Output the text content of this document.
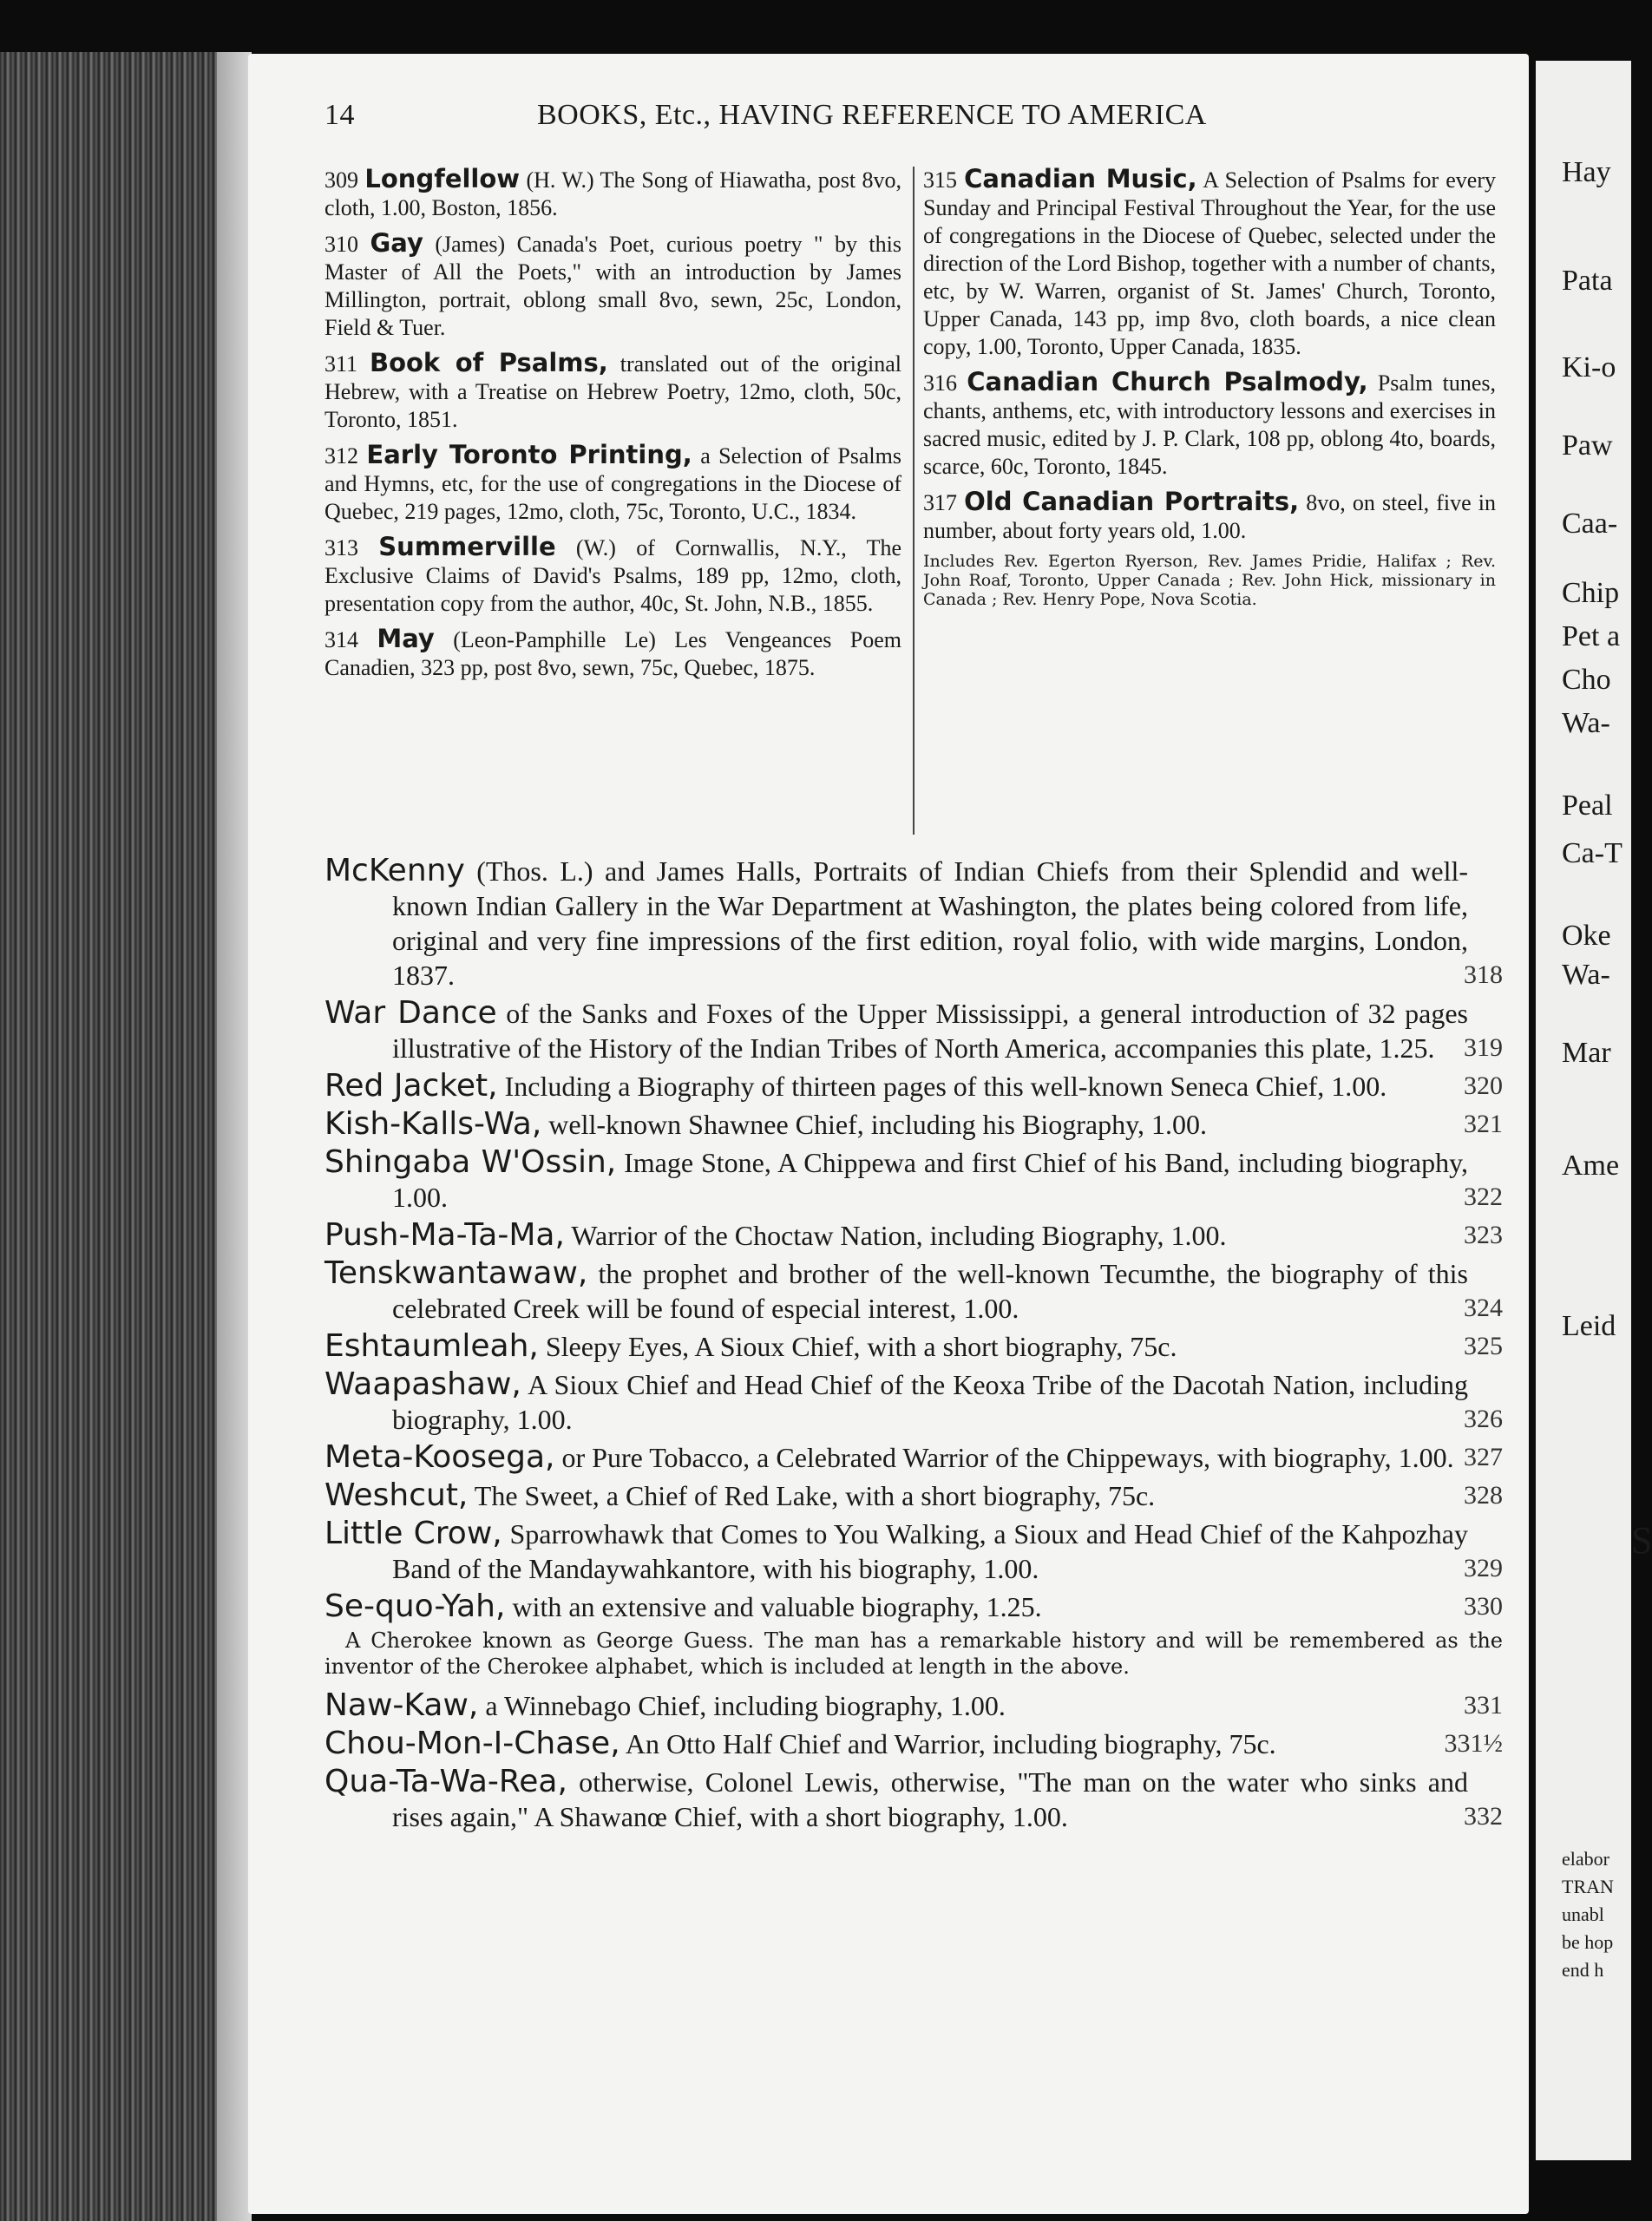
14	BOOKS, Etc., HAVING REFERENCE TO AMERICA
309 Longfellow (H. W.) The Song of Hiawatha, post 8vo, cloth, 1.00, Boston, 1856.
310 Gay (James) Canada's Poet, curious poetry " by this Master of All the Poets," with an introduction by James Millington, portrait, oblong small 8vo, sewn, 25c, London, Field & Tuer.
311 Book of Psalms, translated out of the original Hebrew, with a Treatise on Hebrew Poetry, 12mo, cloth, 50c, Toronto, 1851.
312 Early Toronto Printing, a Selection of Psalms and Hymns, etc, for the use of congregations in the Diocese of Quebec, 219 pages, 12mo, cloth, 75c, Toronto, U.C., 1834.
313 Summerville (W.) of Cornwallis, N.Y., The Exclusive Claims of David's Psalms, 189 pp, 12mo, cloth, presentation copy from the author, 40c, St. John, N.B., 1855.
314 May (Leon-Pamphille Le) Les Vengeances Poem Canadien, 323 pp, post 8vo, sewn, 75c, Quebec, 1875.
315 Canadian Music, A Selection of Psalms for every Sunday and Principal Festival Throughout the Year, for the use of congregations in the Diocese of Quebec, selected under the direction of the Lord Bishop, together with a number of chants, etc, by W. Warren, organist of St. James' Church, Toronto, Upper Canada, 143 pp, imp 8vo, cloth boards, a nice clean copy, 1.00, Toronto, Upper Canada, 1835.
316 Canadian Church Psalmody, Psalm tunes, chants, anthems, etc, with introductory lessons and exercises in sacred music, edited by J. P. Clark, 108 pp, oblong 4to, boards, scarce, 60c, Toronto, 1845.
317 Old Canadian Portraits, 8vo, on steel, five in number, about forty years old, 1.00.
Includes Rev. Egerton Ryerson, Rev. James Pridie, Halifax ; Rev. John Roaf, Toronto, Upper Canada ; Rev. John Hick, missionary in Canada ; Rev. Henry Pope, Nova Scotia.
McKenny (Thos. L.) and James Halls, Portraits of Indian Chiefs from their Splendid and well-known Indian Gallery in the War Department at Washington, the plates being colored from life, original and very fine impressions of the first edition, royal folio, with wide margins, London, 1837.	318
War Dance of the Sanks and Foxes of the Upper Mississippi, a general introduction of 32 pages illustrative of the History of the Indian Tribes of North America, accompanies this plate, 1.25. 319
Red Jacket, Including a Biography of thirteen pages of this well-known Seneca Chief, 1.00.	320
Kish-Kalls-Wa, well-known Shawnee Chief, including his Biography, 1.00.	321
Shingaba W'Ossin, Image Stone, A Chippewa and first Chief of his Band, including biography, 1.00.	322
Push-Ma-Ta-Ma, Warrior of the Choctaw Nation, including Biography, 1.00.	323
Tenskwantawaw, the prophet and brother of the well-known Tecumthe, the biography of this celebrated Creek will be found of especial interest, 1.00.	324
Eshtaumleah, Sleepy Eyes, A Sioux Chief, with a short biography, 75c.	325
Waapashaw, A Sioux Chief and Head Chief of the Keoxa Tribe of the Dacotah Nation, including biography, 1.00.	326
Meta-Koosega, or Pure Tobacco, a Celebrated Warrior of the Chippeways, with biography, 1.00. 327
Weshcut, The Sweet, a Chief of Red Lake, with a short biography, 75c.	328
Little Crow, Sparrowhawk that Comes to You Walking, a Sioux and Head Chief of the Kahpozhay Band of the Mandaywahkantore, with his biography, 1.00.	329
Se-quo-Yah, with an extensive and valuable biography, 1.25.	330
A Cherokee known as George Guess. The man has a remarkable history and will be remembered as the inventor of the Cherokee alphabet, which is included at length in the above.
Naw-Kaw, a Winnebago Chief, including biography, 1.00.	331
Chou-Mon-I-Chase, An Otto Half Chief and Warrior, including biography, 75c.	331½
Qua-Ta-Wa-Rea, otherwise, Colonel Lewis, otherwise, "The man on the water who sinks and rises again," A Shawanœ Chief, with a short biography, 1.00.	332
Hay
Pata
Ki-o
Paw
Caa-
Chip
Pet a
Cho
Wa-
Peal
Ca-T
Oke
Wa-
Mar
Ame
Leid
S
elabor
TRAN
unabl
be hop
end h
